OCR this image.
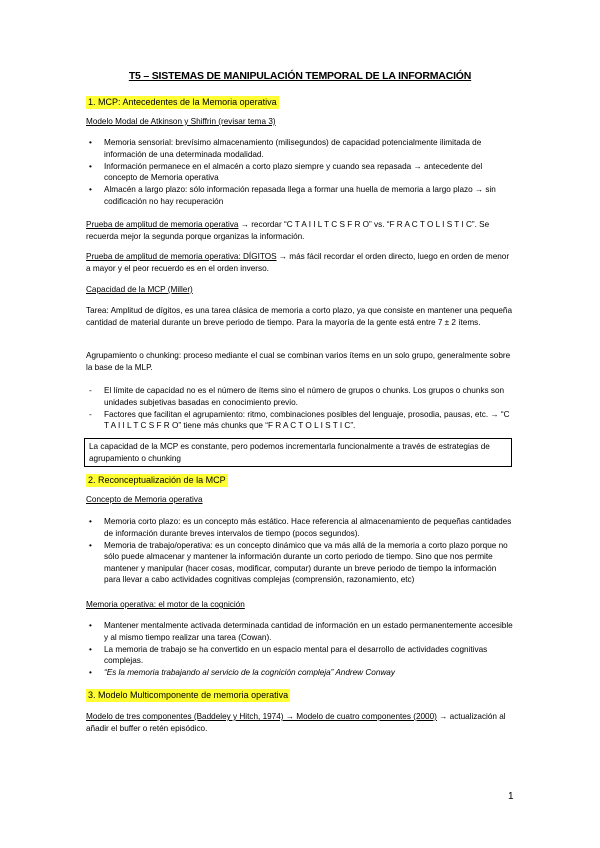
T5 – SISTEMAS DE MANIPULACIÓN TEMPORAL DE LA INFORMACIÓN
1. MCP: Antecedentes de la Memoria operativa
Modelo Modal de Atkinson y Shiffrin (revisar tema 3)
• Memoria sensorial: brevísimo almacenamiento (milisegundos) de capacidad potencialmente ilimitada de información de una determinada modalidad.
• Información permanece en el almacén a corto plazo siempre y cuando sea repasada → antecedente del concepto de Memoria operativa
• Almacén a largo plazo: sólo información repasada llega a formar una huella de memoria a largo plazo → sin codificación no hay recuperación
Prueba de amplitud de memoria operativa → recordar “C T A I I L T C S F R O” vs. “F R A C T O L I S T I C”. Se recuerda mejor la segunda porque organizas la información.
Prueba de amplitud de memoria operativa: DÍGITOS → más fácil recordar el orden directo, luego en orden de menor a mayor y el peor recuerdo es en el orden inverso.
Capacidad de la MCP (Miller)
Tarea: Amplitud de dígitos, es una tarea clásica de memoria a corto plazo, ya que consiste en mantener una pequeña cantidad de material durante un breve periodo de tiempo. Para la mayoría de la gente está entre 7 ± 2 ítems.
Agrupamiento o chunking: proceso mediante el cual se combinan varios ítems en un solo grupo, generalmente sobre la base de la MLP.
- El límite de capacidad no es el número de ítems sino el número de grupos o chunks. Los grupos o chunks son unidades subjetivas basadas en conocimiento previo.
- Factores que facilitan el agrupamiento: ritmo, combinaciones posibles del lenguaje, prosodia, pausas, etc. → “C T A I I L T C S F R O” tiene más chunks que “F R A C T O L I S T I C”.
La capacidad de la MCP es constante, pero podemos incrementarla funcionalmente a través de estrategias de agrupamiento o chunking
2. Reconceptualización de la MCP
Concepto de Memoria operativa
• Memoria corto plazo: es un concepto más estático. Hace referencia al almacenamiento de pequeñas cantidades de información durante breves intervalos de tiempo (pocos segundos).
• Memoria de trabajo/operativa: es un concepto dinámico que va más allá de la memoria a corto plazo porque no sólo puede almacenar y mantener la información durante un corto periodo de tiempo. Sino que nos permite mantener y manipular (hacer cosas, modificar, computar) durante un breve periodo de tiempo la información para llevar a cabo actividades cognitivas complejas (comprensión, razonamiento, etc)
Memoria operativa: el motor de la cognición
• Mantener mentalmente activada determinada cantidad de información en un estado permanentemente accesible y al mismo tiempo realizar una tarea (Cowan).
• La memoria de trabajo se ha convertido en un espacio mental para el desarrollo de actividades cognitivas complejas.
• “Es la memoria trabajando al servicio de la cognición compleja” Andrew Conway
3. Modelo Multicomponente de memoria operativa
Modelo de tres componentes (Baddeley y Hitch, 1974) → Modelo de cuatro componentes (2000) → actualización al añadir el buffer o retén episódico.
1
